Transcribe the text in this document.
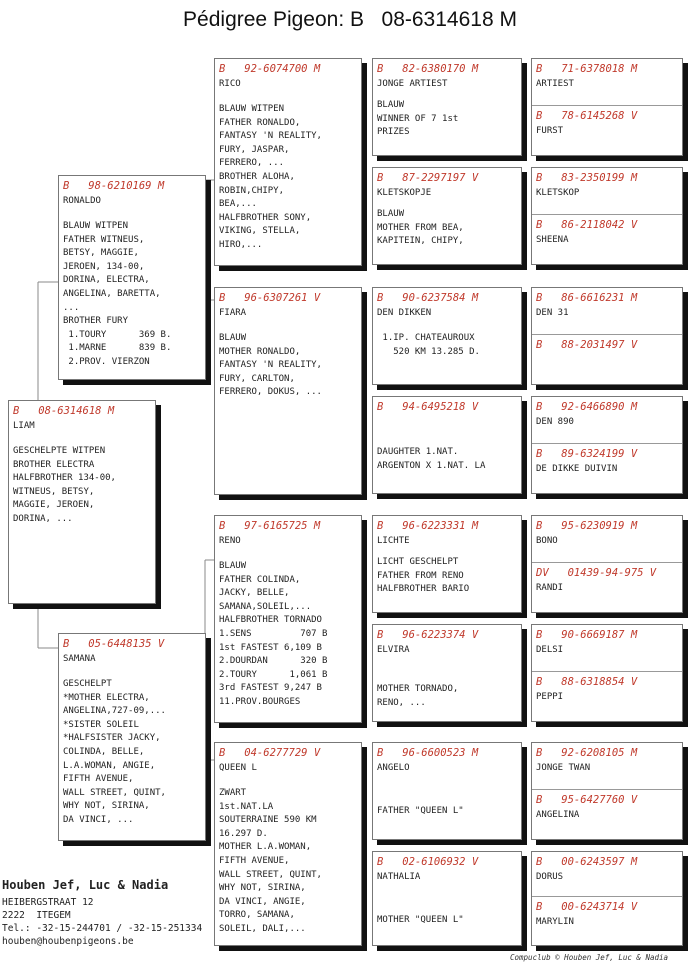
Pédigree Pigeon: B   08-6314618 M
B   08-6314618 M
LIAM
GESCHELPTE WITPEN
BROTHER ELECTRA
HALFBROTHER 134-00,
WITNEUS, BETSY,
MAGGIE, JEROEN,
DORINA, ...
B   98-6210169 M
RONALDO
BLAUW WITPEN
FATHER WITNEUS,
BETSY, MAGGIE,
JEROEN, 134-00,
DORINA, ELECTRA,
ANGELINA, BARETTA,
...
BROTHER FURY
1.TOURY      369 B.
1.MARNE      839 B.
2.PROV. VIERZON
B   05-6448135 V
SAMANA
GESCHELPT
*MOTHER ELECTRA,
ANGELINA,727-09,...
*SISTER SOLEIL
*HALFSISTER JACKY,
COLINDA, BELLE,
L.A.WOMAN, ANGIE,
FIFTH AVENUE,
WALL STREET, QUINT,
WHY NOT, SIRINA,
DA VINCI, ...
B   92-6074700 M
RICO
BLAUW WITPEN
FATHER RONALDO,
FANTASY 'N REALITY,
FURY, JASPAR,
FERRERO, ...
BROTHER ALOHA,
ROBIN,CHIPY,
BEA,...
HALFBROTHER SONY,
VIKING, STELLA,
HIRO,...
B   96-6307261 V
FIARA
BLAUW
MOTHER RONALDO,
FANTASY 'N REALITY,
FURY, CARLTON,
FERRERO, DOKUS, ...
B   97-6165725 M
RENO
BLAUW
FATHER COLINDA,
JACKY, BELLE,
SAMANA,SOLEIL,...
HALFBROTHER TORNADO
1.SENS         707 B
1st FASTEST 6,109 B
2.DOURDAN      320 B
2.TOURY      1,061 B
3rd FASTEST 9,247 B
11.PROV.BOURGES
B   04-6277729 V
QUEEN L
ZWART
1st.NAT.LA
SOUTERRAINE 590 KM
16.297 D.
MOTHER L.A.WOMAN,
FIFTH AVENUE,
WALL STREET, QUINT,
WHY NOT, SIRINA,
DA VINCI, ANGIE,
TORRO, SAMANA,
SOLEIL, DALI,...
B   82-6380170 M
JONGE ARTIEST
BLAUW
WINNER OF 7 1st
PRIZES
B   87-2297197 V
KLETSKOPJE
BLAUW
MOTHER FROM BEA,
KAPITEIN, CHIPY,
B   90-6237584 M
DEN DIKKEN
1.IP. CHATEAUROUX
520 KM 13.285 D.
B   94-6495218 V
DAUGHTER 1.NAT.
ARGENTON X 1.NAT. LA
B   96-6223331 M
LICHTE
LICHT GESCHELPT
FATHER FROM RENO
HALFBROTHER BARIO
B   96-6223374 V
ELVIRA
MOTHER TORNADO,
RENO, ...
B   96-6600523 M
ANGELO
FATHER "QUEEN L"
B   02-6106932 V
NATHALIA
MOTHER "QUEEN L"
B   71-6378018 M
ARTIEST
B   78-6145268 V
FURST
B   83-2350199 M
KLETSKOP
B   86-2118042 V
SHEENA
B   86-6616231 M
DEN 31
B   88-2031497 V
B   92-6466890 M
DEN 890
B   89-6324199 V
DE DIKKE DUIVIN
B   95-6230919 M
BONO
DV   01439-94-975 V
RANDI
B   90-6669187 M
DELSI
B   88-6318854 V
PEPPI
B   92-6208105 M
JONGE TWAN
B   95-6427760 V
ANGELINA
B   00-6243597 M
DORUS
B   00-6243714 V
MARYLIN
Houben Jef, Luc & Nadia
HEIBERGSTRAAT 12
2222  ITEGEM
Tel.: -32-15-244701 / -32-15-251334
houben@houbenpigeons.be
Compuclub © Houben Jef, Luc & Nadia
